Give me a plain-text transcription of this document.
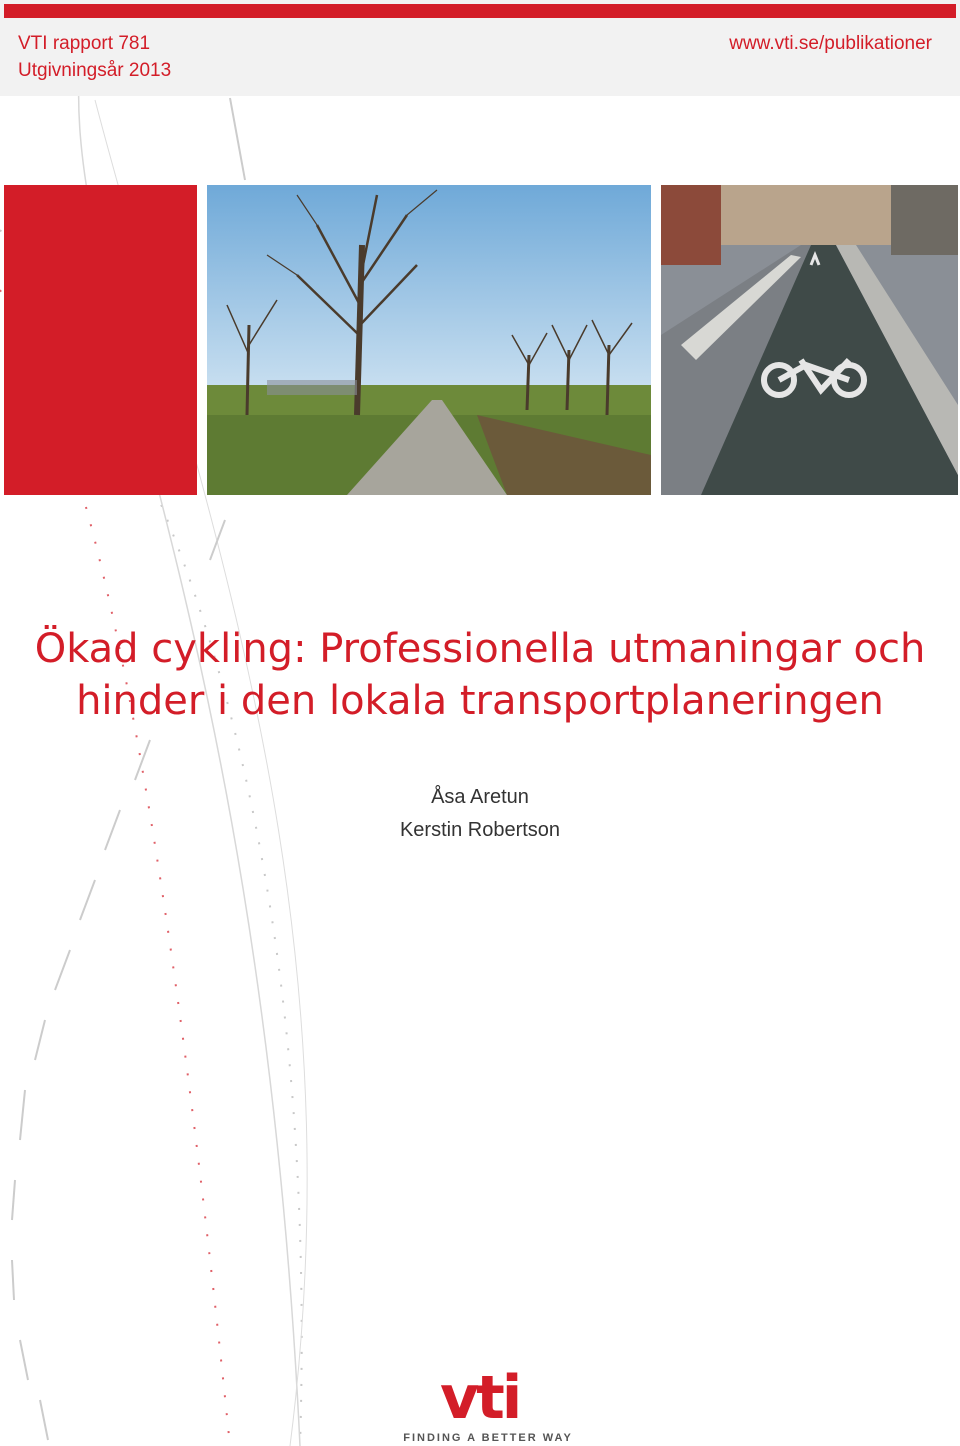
VTI rapport 781
Utgivningsår 2013
www.vti.se/publikationer
Ökad cykling: Professionella utmaningar och
hinder i den lokala transportplaneringen
Åsa Aretun
Kerstin Robertson
vti
FINDING A BETTER WAY
